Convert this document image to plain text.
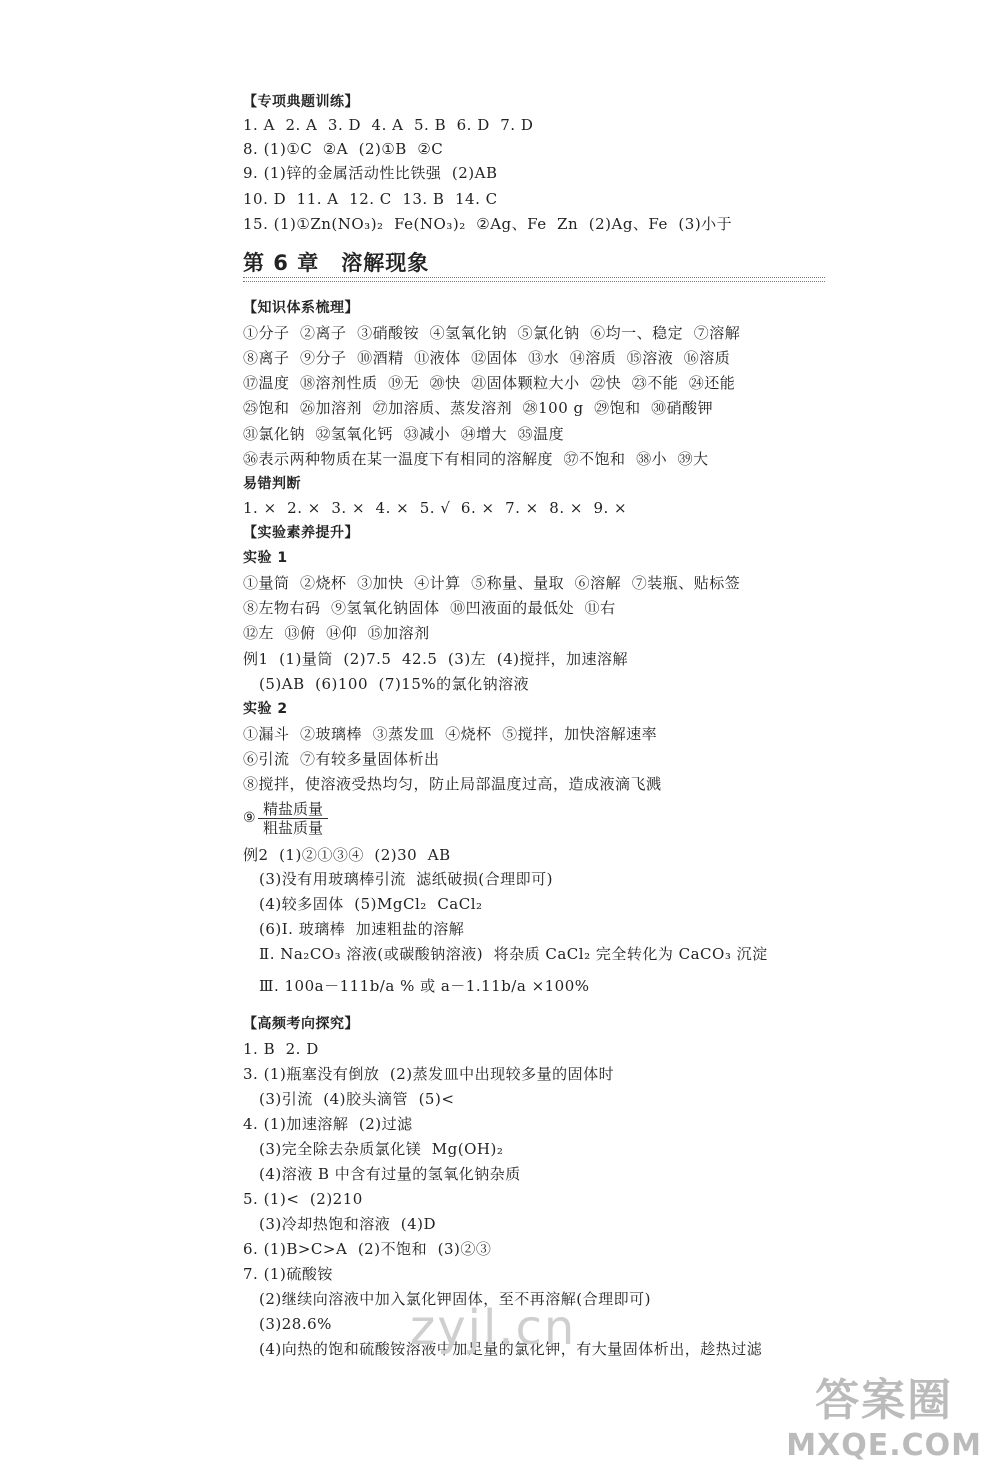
【专项典题训练】
1. A  2. A  3. D  4. A  5. B  6. D  7. D
8. (1)①C  ②A  (2)①B  ②C
9. (1)锌的金属活动性比铁强  (2)AB
10. D  11. A  12. C  13. B  14. C
15. (1)①Zn(NO₃)₂  Fe(NO₃)₂  ②Ag、Fe  Zn  (2)Ag、Fe  (3)小于
第 6 章　溶解现象
【知识体系梳理】
①分子  ②离子  ③硝酸铵  ④氢氧化钠  ⑤氯化钠  ⑥均一、稳定  ⑦溶解
⑧离子  ⑨分子  ⑩酒精  ⑪液体  ⑫固体  ⑬水  ⑭溶质  ⑮溶液  ⑯溶质
⑰温度  ⑱溶剂性质  ⑲无  ⑳快  ㉑固体颗粒大小  ㉒快  ㉓不能  ㉔还能
㉕饱和  ㉖加溶剂  ㉗加溶质、蒸发溶剂  ㉘100 g  ㉙饱和  ㉚硝酸钾
㉛氯化钠  ㉜氢氧化钙  ㉝减小  ㉞增大  ㉟温度
㊱表示两种物质在某一温度下有相同的溶解度  ㊲不饱和  ㊳小  ㊴大
易错判断
1. ×  2. ×  3. ×  4. ×  5. √  6. ×  7. ×  8. ×  9. ×
【实验素养提升】
实验 1
①量筒  ②烧杯  ③加快  ④计算  ⑤称量、量取  ⑥溶解  ⑦装瓶、贴标签
⑧左物右码  ⑨氢氧化钠固体  ⑩凹液面的最低处  ⑪右
⑫左  ⑬俯  ⑭仰  ⑮加溶剂
例1  (1)量筒  (2)7.5  42.5  (3)左  (4)搅拌，加速溶解
(5)AB  (6)100  (7)15%的氯化钠溶液
实验 2
①漏斗  ②玻璃棒  ③蒸发皿  ④烧杯  ⑤搅拌，加快溶解速率
⑥引流  ⑦有较多量固体析出
⑧搅拌，使溶液受热均匀，防止局部温度过高，造成液滴飞溅
⑨ 精盐质量
粗盐质量
例2  (1)②①③④  (2)30  AB
(3)没有用玻璃棒引流  滤纸破损(合理即可)
(4)较多固体  (5)MgCl₂  CaCl₂
(6)Ⅰ. 玻璃棒  加速粗盐的溶解
Ⅱ. Na₂CO₃ 溶液(或碳酸钠溶液)  将杂质 CaCl₂ 完全转化为 CaCO₃ 沉淀
Ⅲ. 100a－111b/a % 或 a－1.11b/a ×100%
【高频考向探究】
1. B  2. D
3. (1)瓶塞没有倒放  (2)蒸发皿中出现较多量的固体时
(3)引流  (4)胶头滴管  (5)<
4. (1)加速溶解  (2)过滤
(3)完全除去杂质氯化镁  Mg(OH)₂
(4)溶液 B 中含有过量的氢氧化钠杂质
5. (1)<  (2)210
(3)冷却热饱和溶液  (4)D
6. (1)B>C>A  (2)不饱和  (3)②③
7. (1)硫酸铵
(2)继续向溶液中加入氯化钾固体，至不再溶解(合理即可)
(3)28.6%
(4)向热的饱和硫酸铵溶液中加足量的氯化钾，有大量固体析出，趁热过滤
zyjl.cn
答案圈
MXQE.COM
